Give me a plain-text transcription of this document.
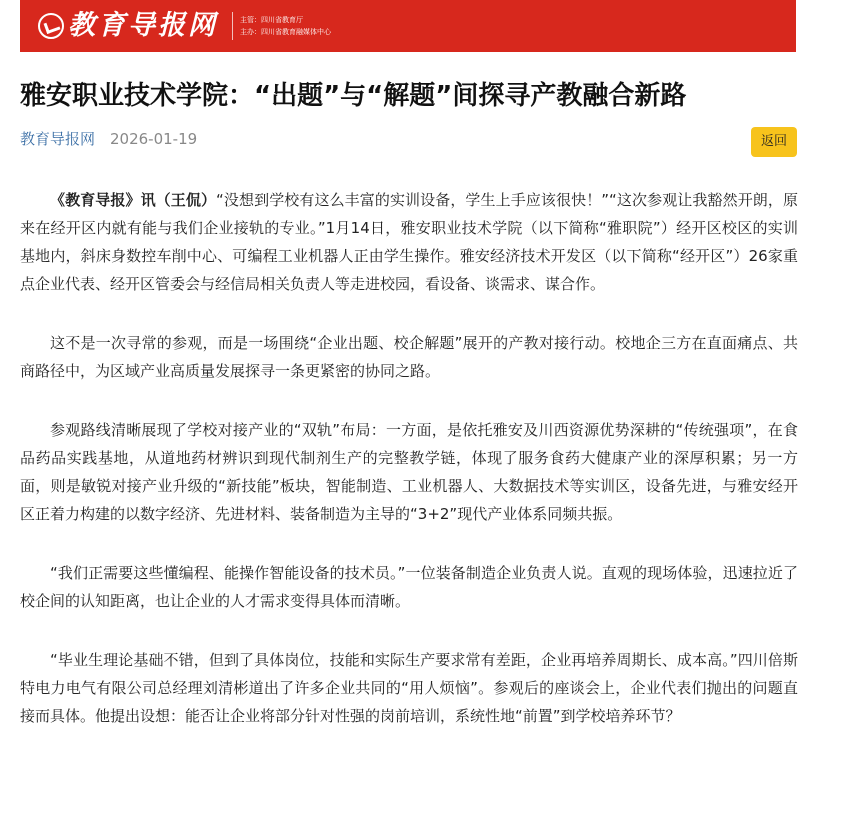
教育导报网	主管：四川省教育厅
主办：四川省教育融媒体中心
雅安职业技术学院：“出题”与“解题”间探寻产教融合新路
教育导报网 2026-01-19	返回

《教育导报》讯（王侃）“没想到学校有这么丰富的实训设备，学生上手应该很快！”“这次参观让我豁然开朗，原来在经开区内就有能与我们企业接轨的专业。”1月14日，雅安职业技术学院（以下简称“雅职院”）经开区校区的实训基地内，斜床身数控车削中心、可编程工业机器人正由学生操作。雅安经济技术开发区（以下简称“经开区”）26家重点企业代表、经开区管委会与经信局相关负责人等走进校园，看设备、谈需求、谋合作。

这不是一次寻常的参观，而是一场围绕“企业出题、校企解题”展开的产教对接行动。校地企三方在直面痛点、共商路径中，为区域产业高质量发展探寻一条更紧密的协同之路。

参观路线清晰展现了学校对接产业的“双轨”布局：一方面，是依托雅安及川西资源优势深耕的“传统强项”，在食品药品实践基地，从道地药材辨识到现代制剂生产的完整教学链，体现了服务食药大健康产业的深厚积累；另一方面，则是敏锐对接产业升级的“新技能”板块，智能制造、工业机器人、大数据技术等实训区，设备先进，与雅安经开区正着力构建的以数字经济、先进材料、装备制造为主导的“3+2”现代产业体系同频共振。

“我们正需要这些懂编程、能操作智能设备的技术员。”一位装备制造企业负责人说。直观的现场体验，迅速拉近了校企间的认知距离，也让企业的人才需求变得具体而清晰。

“毕业生理论基础不错，但到了具体岗位，技能和实际生产要求常有差距，企业再培养周期长、成本高。”四川倍斯特电力电气有限公司总经理刘清彬道出了许多企业共同的“用人烦恼”。参观后的座谈会上，企业代表们抛出的问题直接而具体。他提出设想：能否让企业将部分针对性强的岗前培训，系统性地“前置”到学校培养环节？
